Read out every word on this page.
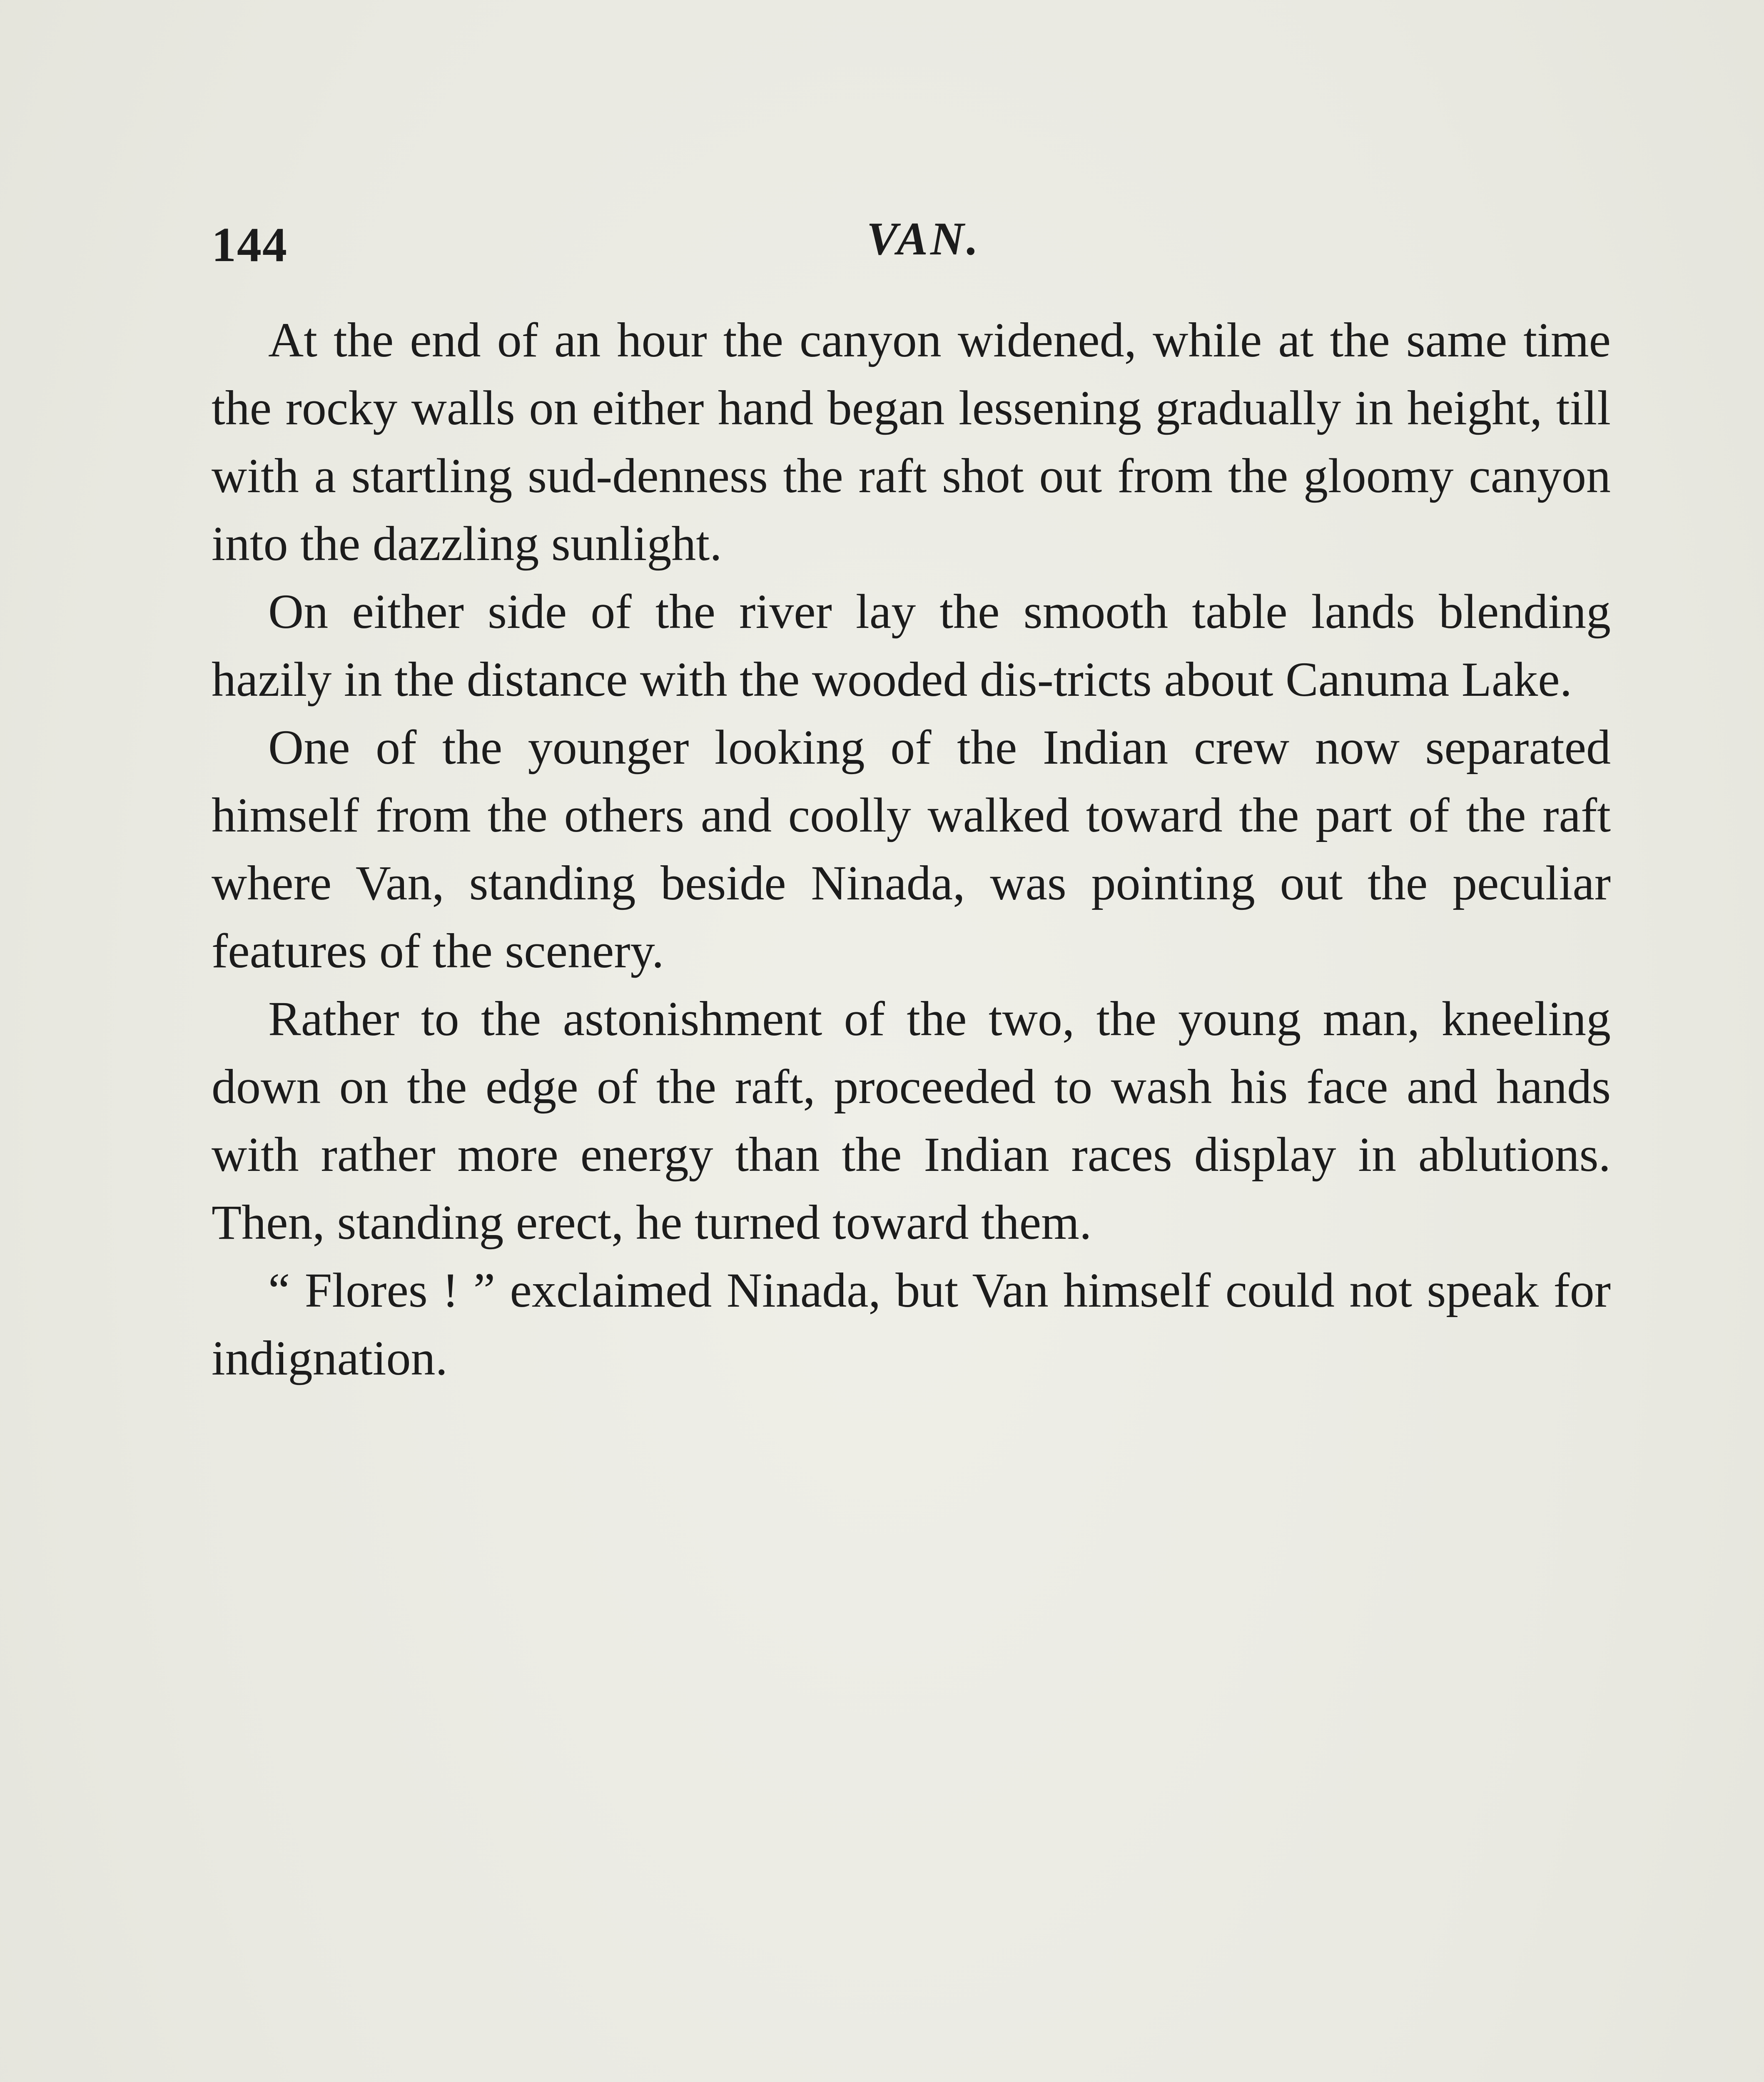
144	VAN.

At the end of an hour the canyon widened, while at the same time the rocky walls on either hand began lessening gradually in height, till with a startling sud-denness the raft shot out from the gloomy canyon into the dazzling sunlight.

On either side of the river lay the smooth table lands blending hazily in the distance with the wooded dis-tricts about Canuma Lake.

One of the younger looking of the Indian crew now separated himself from the others and coolly walked toward the part of the raft where Van, standing beside Ninada, was pointing out the peculiar features of the scenery.

Rather to the astonishment of the two, the young man, kneeling down on the edge of the raft, proceeded to wash his face and hands with rather more energy than the Indian races display in ablutions. Then, standing erect, he turned toward them.

“ Flores ! ” exclaimed Ninada, but Van himself could not speak for indignation.
